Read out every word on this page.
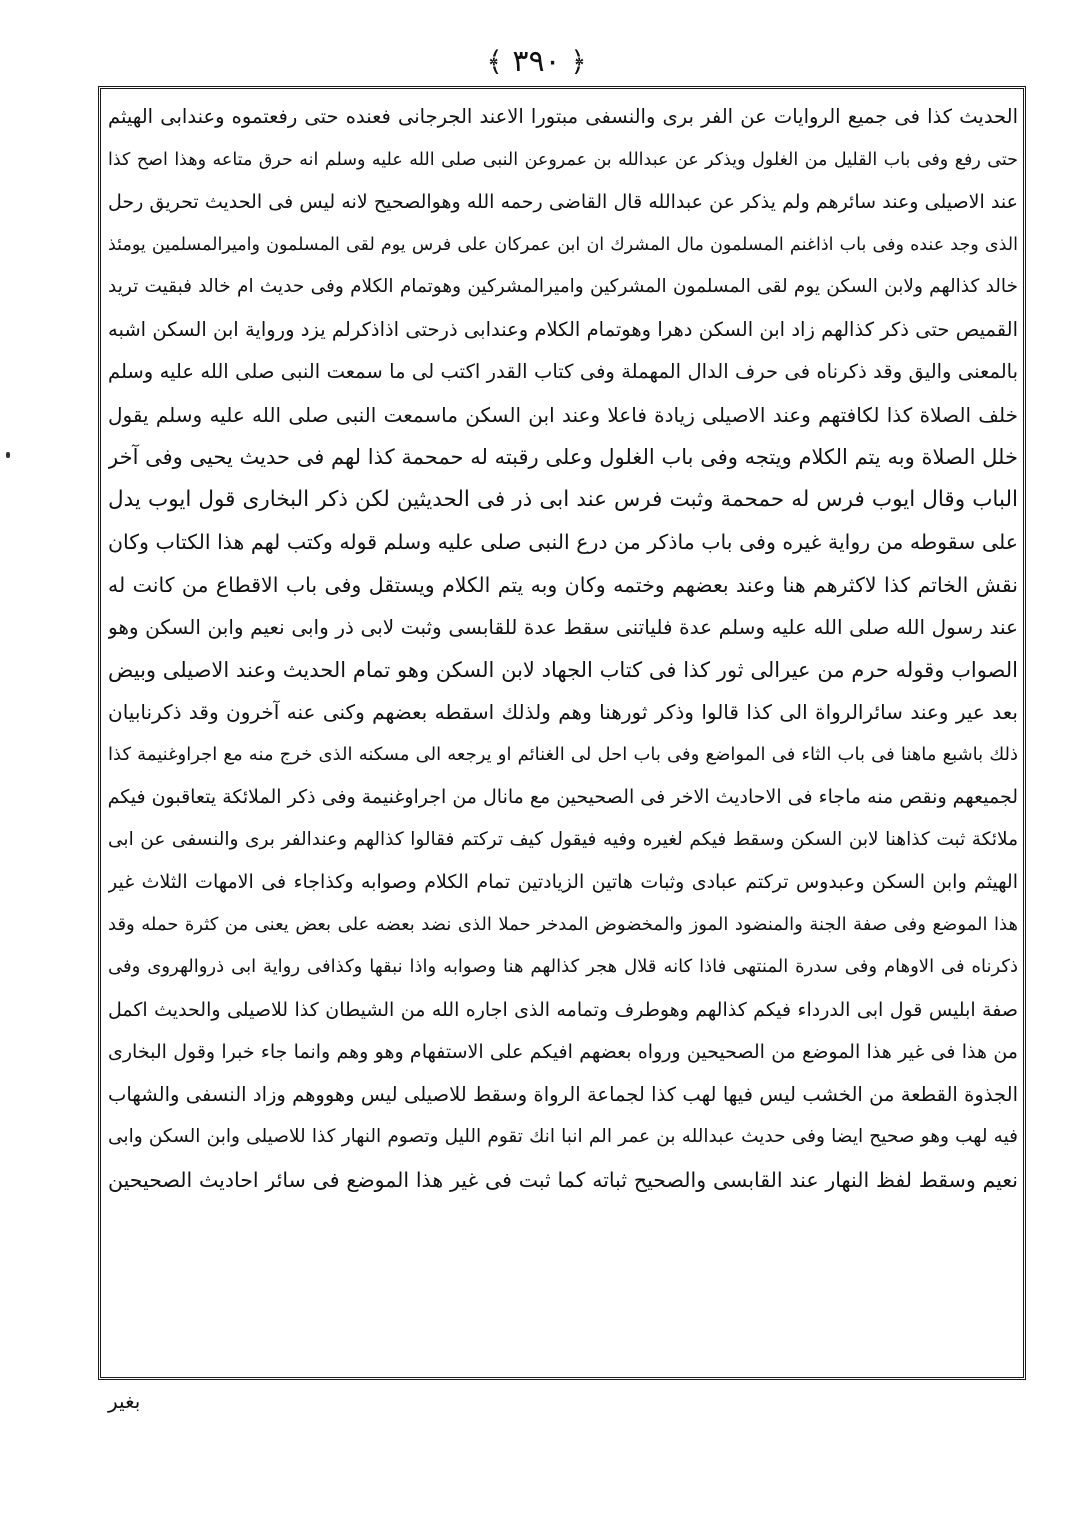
﴿ ۳۹۰ ﴾
الحديث كذا فى جميع الروايات عن الفر برى والنسفى مبتورا الاعند الجرجانى فعنده حتى رفعتموه وعندابى الهيثم
حتى رفع وفى باب القليل من الغلول ويذكر عن عبدالله بن عمروعن النبى صلى الله عليه وسلم انه حرق متاعه وهذا اصح كذا
عند الاصيلى وعند سائرهم ولم يذكر عن عبدالله قال القاضى رحمه الله وهوالصحيح لانه ليس فى الحديث تحريق رحل
الذى وجد عنده وفى باب اذاغنم المسلمون مال المشرك ان ابن عمركان على فرس يوم لقى المسلمون واميرالمسلمين يومئذ
خالد كذالهم ولابن السكن يوم لقى المسلمون المشركين واميرالمشركين وهوتمام الكلام وفى حديث ام خالد فبقيت تريد
القميص حتى ذكر كذالهم زاد ابن السكن دهرا وهوتمام الكلام وعندابى ذرحتى اذاذكرلم يزد ورواية ابن السكن اشبه
بالمعنى واليق وقد ذكرناه فى حرف الدال المهملة وفى كتاب القدر اكتب لى ما سمعت النبى صلى الله عليه وسلم
خلف الصلاة كذا لكافتهم وعند الاصيلى زيادة فاعلا وعند ابن السكن ماسمعت النبى صلى الله عليه وسلم يقول
خلل الصلاة وبه يتم الكلام ويتجه وفى باب الغلول وعلى رقبته له حمحمة كذا لهم فى حديث يحيى وفى آخر
الباب وقال ايوب فرس له حمحمة وثبت فرس عند ابى ذر فى الحديثين لكن ذكر البخارى قول ايوب يدل
على سقوطه من رواية غيره وفى باب ماذكر من درع النبى صلى عليه وسلم قوله وكتب لهم هذا الكتاب وكان
نقش الخاتم كذا لاكثرهم هنا وعند بعضهم وختمه وكان وبه يتم الكلام ويستقل وفى باب الاقطاع من كانت له
عند رسول الله صلى الله عليه وسلم عدة فلياتنى سقط عدة للقابسى وثبت لابى ذر وابى نعيم وابن السكن وهو
الصواب وقوله حرم من عيرالى ثور كذا فى كتاب الجهاد لابن السكن وهو تمام الحديث وعند الاصيلى وبيض
بعد عير وعند سائرالرواة الى كذا قالوا وذكر ثورهنا وهم ولذلك اسقطه بعضهم وكنى عنه آخرون وقد ذكرنابيان
ذلك باشبع ماهنا فى باب الثاء فى المواضع وفى باب احل لى الغنائم او يرجعه الى مسكنه الذى خرج منه مع اجراوغنيمة كذا
لجميعهم ونقص منه ماجاء فى الاحاديث الاخر فى الصحيحين مع مانال من اجراوغنيمة وفى ذكر الملائكة يتعاقبون فيكم
ملائكة ثبت كذاهنا لابن السكن وسقط فيكم لغيره وفيه فيقول كيف تركتم فقالوا كذالهم وعندالفر برى والنسفى عن ابى
الهيثم وابن السكن وعبدوس تركتم عبادى وثبات هاتين الزيادتين تمام الكلام وصوابه وكذاجاء فى الامهات الثلاث غير
هذا الموضع وفى صفة الجنة والمنضود الموز والمخضوض المدخر حملا الذى نضد بعضه على بعض يعنى من كثرة حمله وقد
ذكرناه فى الاوهام وفى سدرة المنتهى فاذا كانه قلال هجر كذالهم هنا وصوابه واذا نبقها وكذافى رواية ابى ذروالهروى وفى
صفة ابليس قول ابى الدرداء فيكم كذالهم وهوطرف وتمامه الذى اجاره الله من الشيطان كذا للاصيلى والحديث اكمل
من هذا فى غير هذا الموضع من الصحيحين ورواه بعضهم افيكم على الاستفهام وهو وهم وانما جاء خبرا وقول البخارى
الجذوة القطعة من الخشب ليس فيها لهب كذا لجماعة الرواة وسقط للاصيلى ليس وهووهم وزاد النسفى والشهاب
فيه لهب وهو صحيح ايضا وفى حديث عبدالله بن عمر الم انبا انك تقوم الليل وتصوم النهار كذا للاصيلى وابن السكن وابى
نعيم وسقط لفظ النهار عند القابسى والصحيح ثباته كما ثبت فى غير هذا الموضع فى سائر احاديث الصحيحين
بغير
